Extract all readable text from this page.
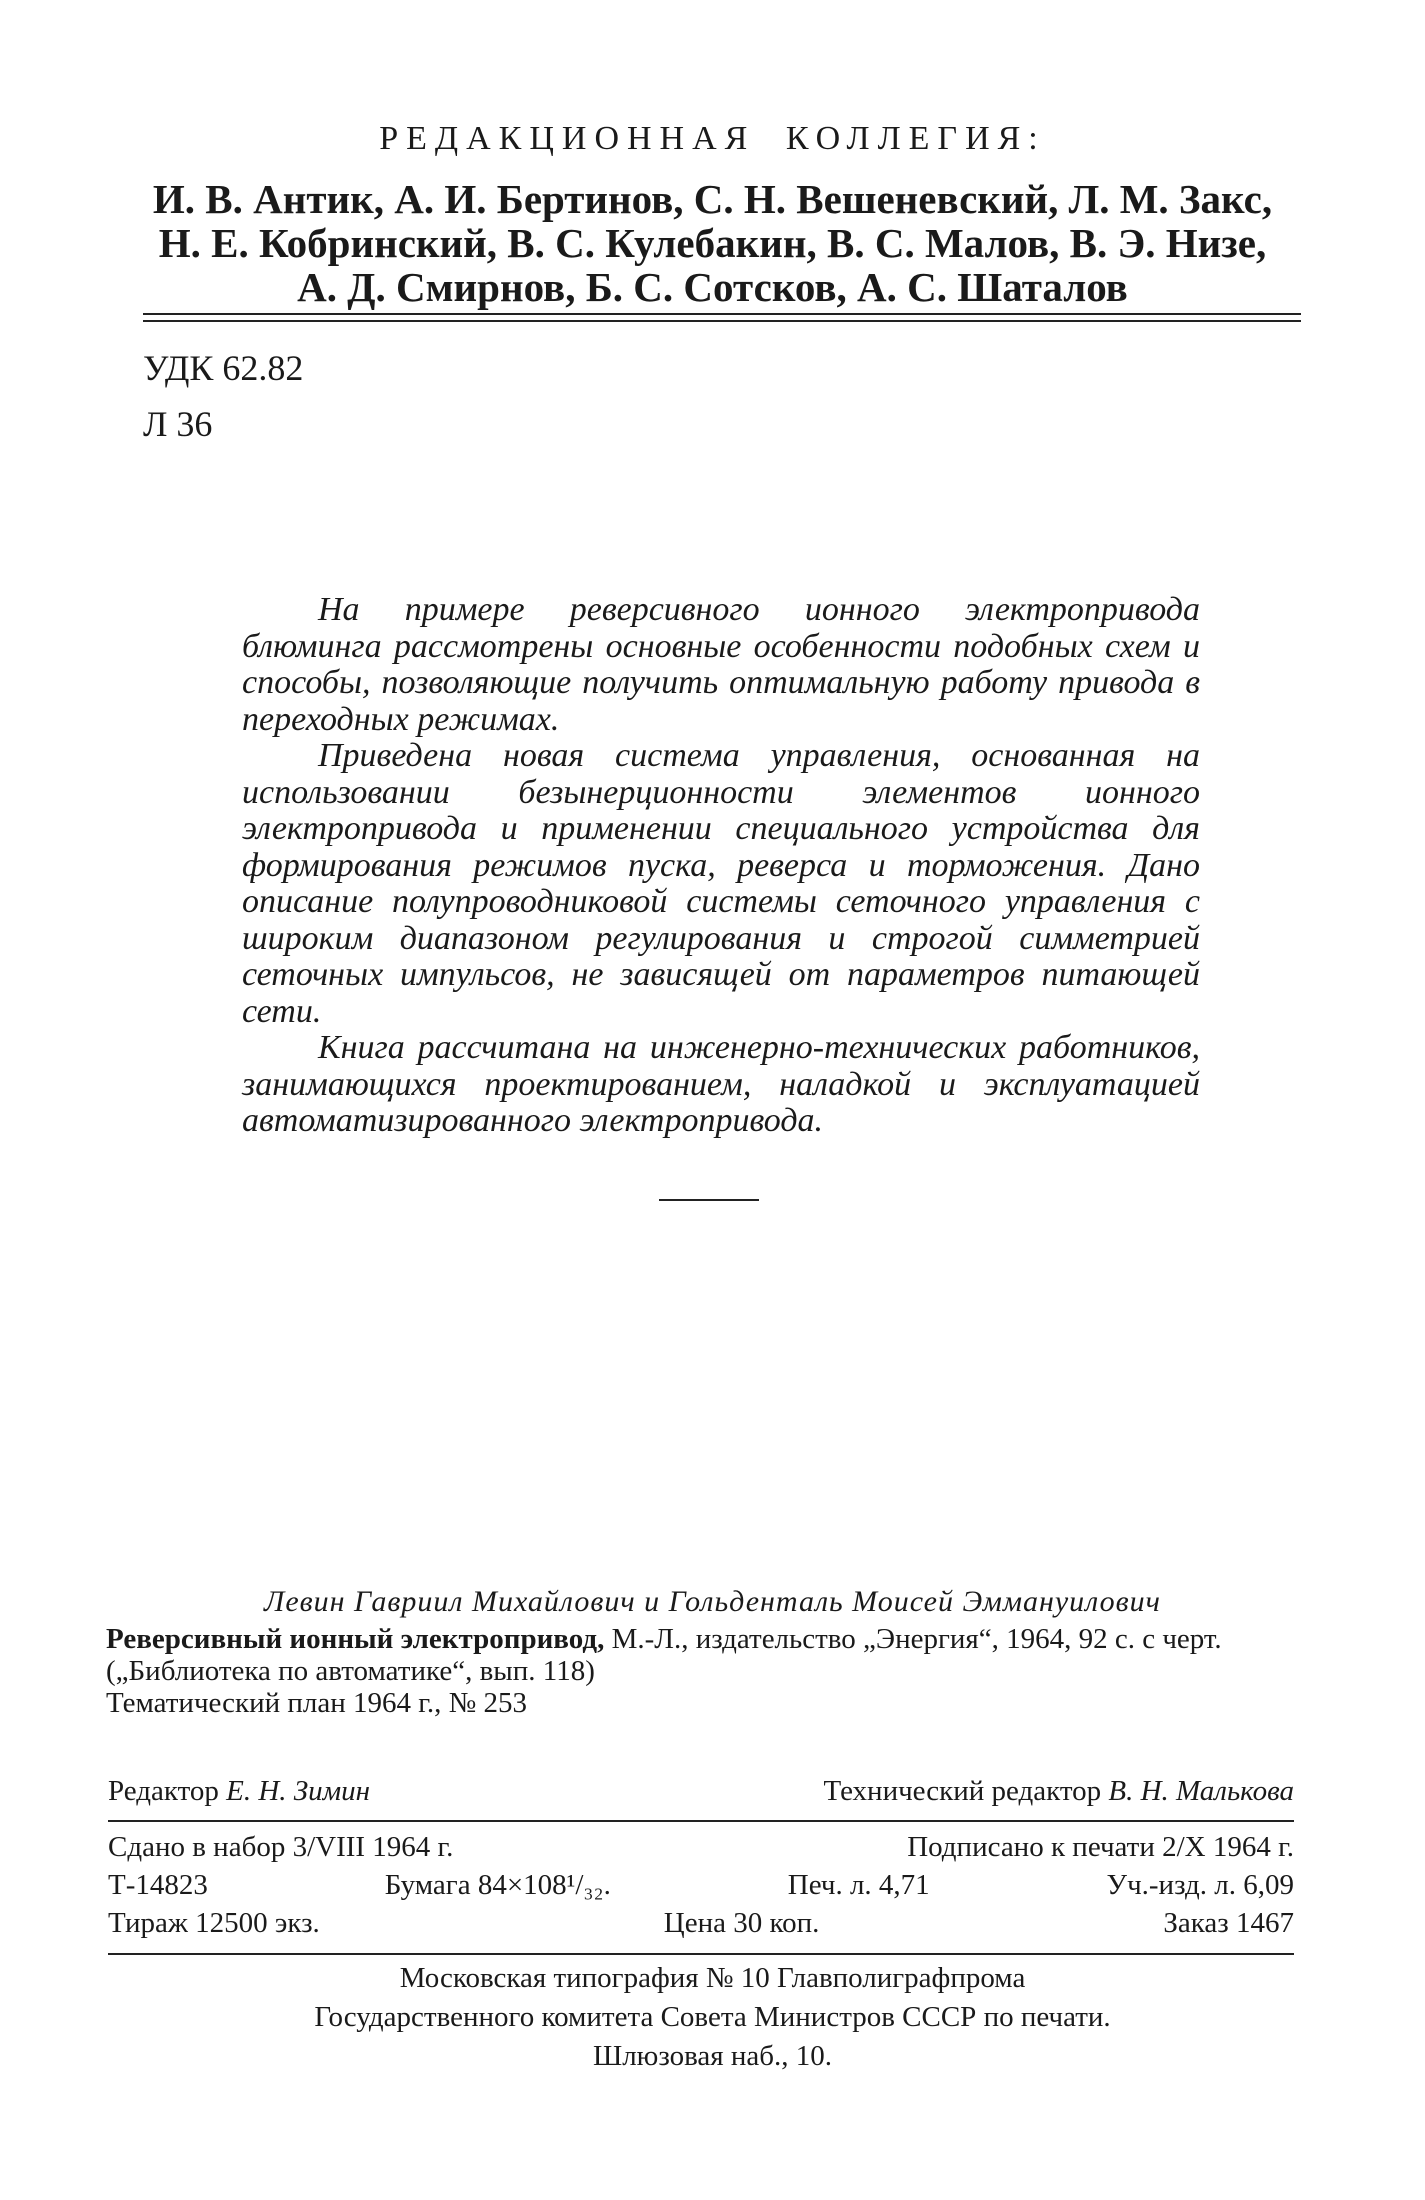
РЕДАКЦИОННАЯ КОЛЛЕГИЯ:
И. В. Антик, А. И. Бертинов, С. Н. Вешеневский, Л. М. Закс,
Н. Е. Кобринский, В. С. Кулебакин, В. С. Малов, В. Э. Низе,
А. Д. Смирнов, Б. С. Сотсков, А. С. Шаталов
УДК 62.82
Л 36

На примере реверсивного ионного электропривода блюминга рассмотрены основные особенности подобных схем и способы, позволяющие получить оптимальную работу привода в переходных режимах.

Приведена новая система управления, основанная на использовании безынерционности элементов ионного электропривода и применении специального устройства для формирования режимов пуска, реверса и торможения. Дано описание полупроводниковой системы сеточного управления с широким диапазоном регулирования и строгой симметрией сеточных импульсов, не зависящей от параметров питающей сети.

Книга рассчитана на инженерно-технических работников, занимающихся проектированием, наладкой и эксплуатацией автоматизированного электропривода.

Левин Гавриил Михайлович и Гольденталь Моисей Эммануилович
Реверсивный ионный электропривод, М.-Л., издательство „Энергия“, 1964, 92 с. с черт. („Библиотека по автоматике“, вып. 118)
Тематический план 1964 г., № 253
Редактор Е. Н. Зимин	Технический редактор В. Н. Малькова
Сдано в набор 3/VIII 1964 г.	Подписано к печати 2/X 1964 г.
Т-14823	Бумага 84×108¹/₃₂.	Печ. л. 4,71	Уч.-изд. л. 6,09
Тираж 12500 экз.	Цена 30 коп.	Заказ 1467
Московская типография № 10 Главполиграфпрома
Государственного комитета Совета Министров СССР по печати.
Шлюзовая наб., 10.
